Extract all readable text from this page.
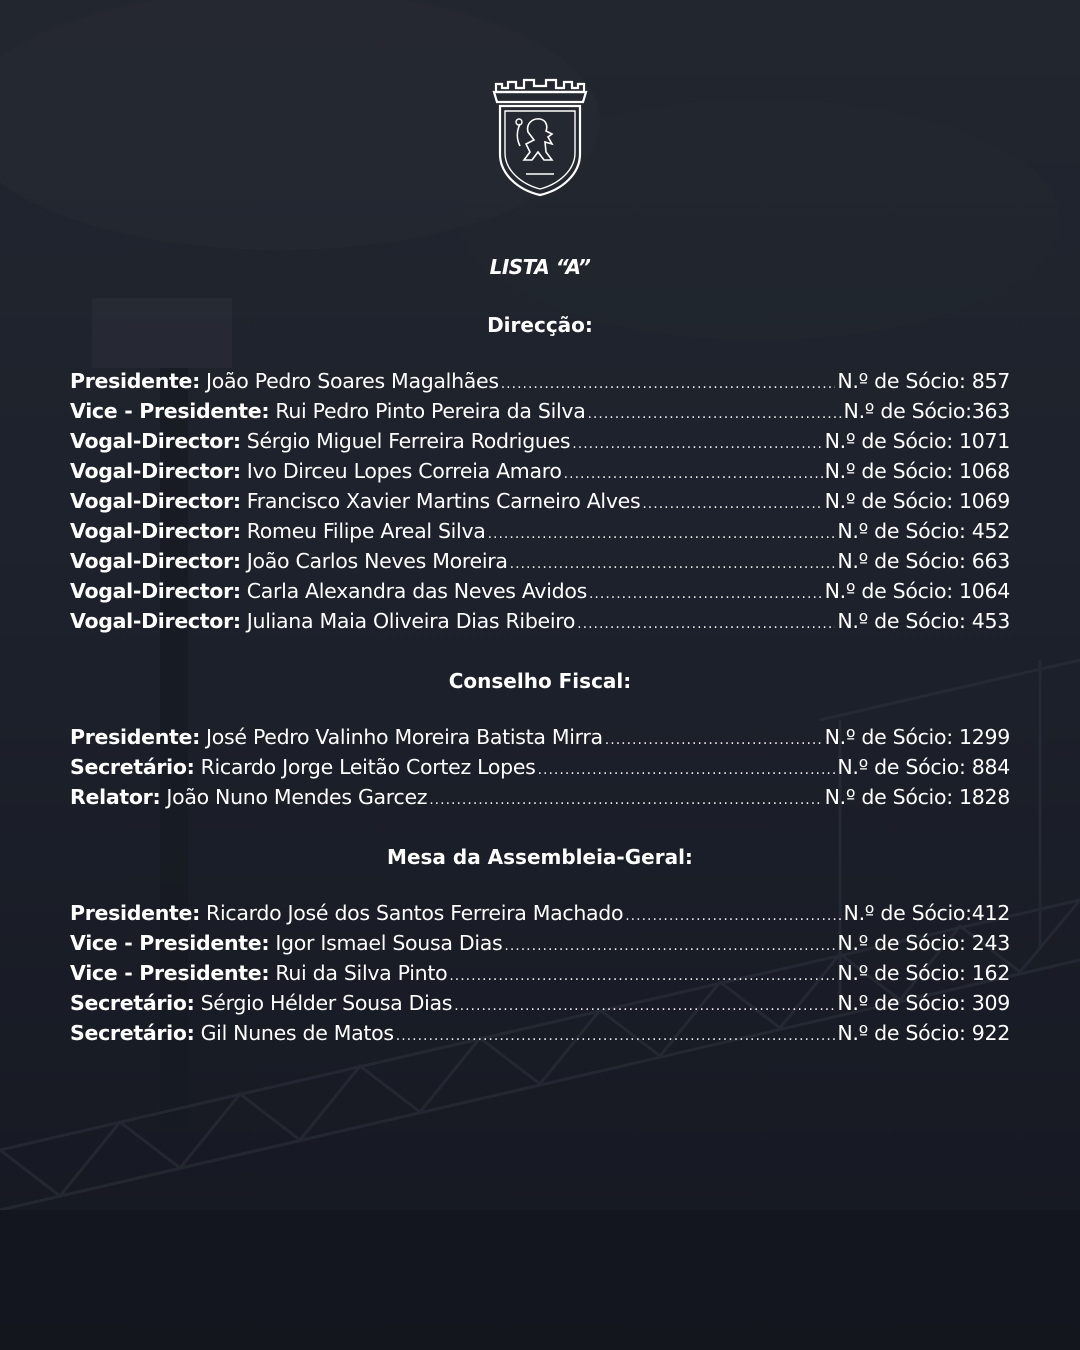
LISTA “A”
Direcção:
Presidente: João Pedro Soares Magalhães .....	N.º de Sócio: 857
Vice - Presidente: Rui Pedro Pinto Pereira da Silva .....	N.º de Sócio:363
Vogal-Director: Sérgio Miguel Ferreira Rodrigues .....	N.º de Sócio: 1071
Vogal-Director: Ivo Dirceu Lopes Correia Amaro .....	N.º de Sócio: 1068
Vogal-Director: Francisco Xavier Martins Carneiro Alves .....	N.º de Sócio: 1069
Vogal-Director: Romeu Filipe Areal Silva .....	N.º de Sócio: 452
Vogal-Director: João Carlos Neves Moreira .....	N.º de Sócio: 663
Vogal-Director: Carla Alexandra das Neves Avidos .....	N.º de Sócio: 1064
Vogal-Director: Juliana Maia Oliveira Dias Ribeiro .....	N.º de Sócio: 453
Conselho Fiscal:
Presidente: José Pedro Valinho Moreira Batista Mirra .....	N.º de Sócio: 1299
Secretário: Ricardo Jorge Leitão Cortez Lopes .....	N.º de Sócio: 884
Relator: João Nuno Mendes Garcez .....	N.º de Sócio: 1828
Mesa da Assembleia-Geral:
Presidente: Ricardo José dos Santos Ferreira Machado .....	N.º de Sócio:412
Vice - Presidente: Igor Ismael Sousa Dias .....	N.º de Sócio: 243
Vice - Presidente: Rui da Silva Pinto .....	N.º de Sócio: 162
Secretário: Sérgio Hélder Sousa Dias .....	N.º de Sócio: 309
Secretário: Gil Nunes de Matos .....	N.º de Sócio: 922
